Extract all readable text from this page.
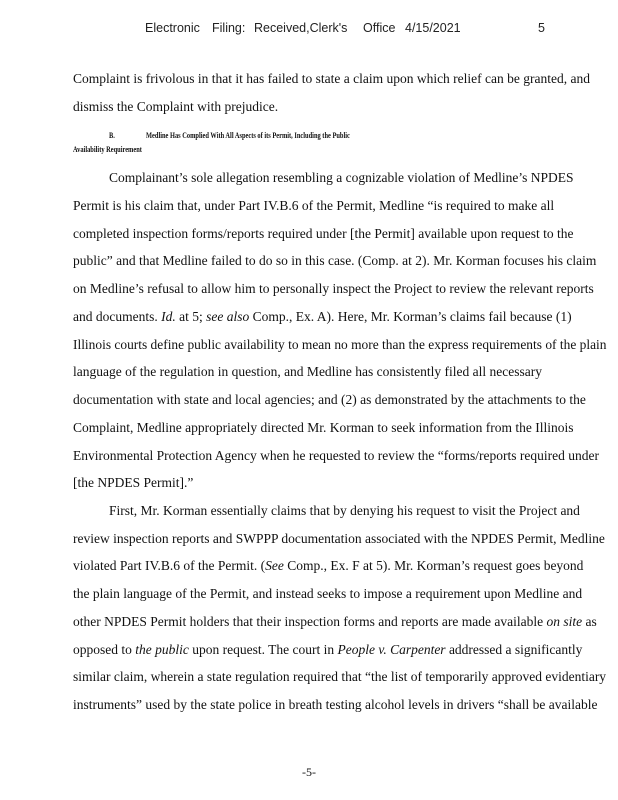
Electronic Filing: Received,Clerk's Office 4/15/2021	5
Complaint is frivolous in that it has failed to state a claim upon which relief can be granted, and
dismiss the Complaint with prejudice.
B.	Medline Has Complied With All Aspects of its Permit, Including the Public
Availability Requirement
Complainant’s sole allegation resembling a cognizable violation of Medline’s NPDES
Permit is his claim that, under Part IV.B.6 of the Permit, Medline “is required to make all
completed inspection forms/reports required under [the Permit] available upon request to the
public” and that Medline failed to do so in this case. (Comp. at 2). Mr. Korman focuses his claim
on Medline’s refusal to allow him to personally inspect the Project to review the relevant reports
and documents. Id. at 5; see also Comp., Ex. A). Here, Mr. Korman’s claims fail because (1)
Illinois courts define public availability to mean no more than the express requirements of the plain
language of the regulation in question, and Medline has consistently filed all necessary
documentation with state and local agencies; and (2) as demonstrated by the attachments to the
Complaint, Medline appropriately directed Mr. Korman to seek information from the Illinois
Environmental Protection Agency when he requested to review the “forms/reports required under
[the NPDES Permit].”
First, Mr. Korman essentially claims that by denying his request to visit the Project and
review inspection reports and SWPPP documentation associated with the NPDES Permit, Medline
violated Part IV.B.6 of the Permit. (See Comp., Ex. F at 5). Mr. Korman’s request goes beyond
the plain language of the Permit, and instead seeks to impose a requirement upon Medline and
other NPDES Permit holders that their inspection forms and reports are made available on site as
opposed to the public upon request. The court in People v. Carpenter addressed a significantly
similar claim, wherein a state regulation required that “the list of temporarily approved evidentiary
instruments” used by the state police in breath testing alcohol levels in drivers “shall be available
-5-
